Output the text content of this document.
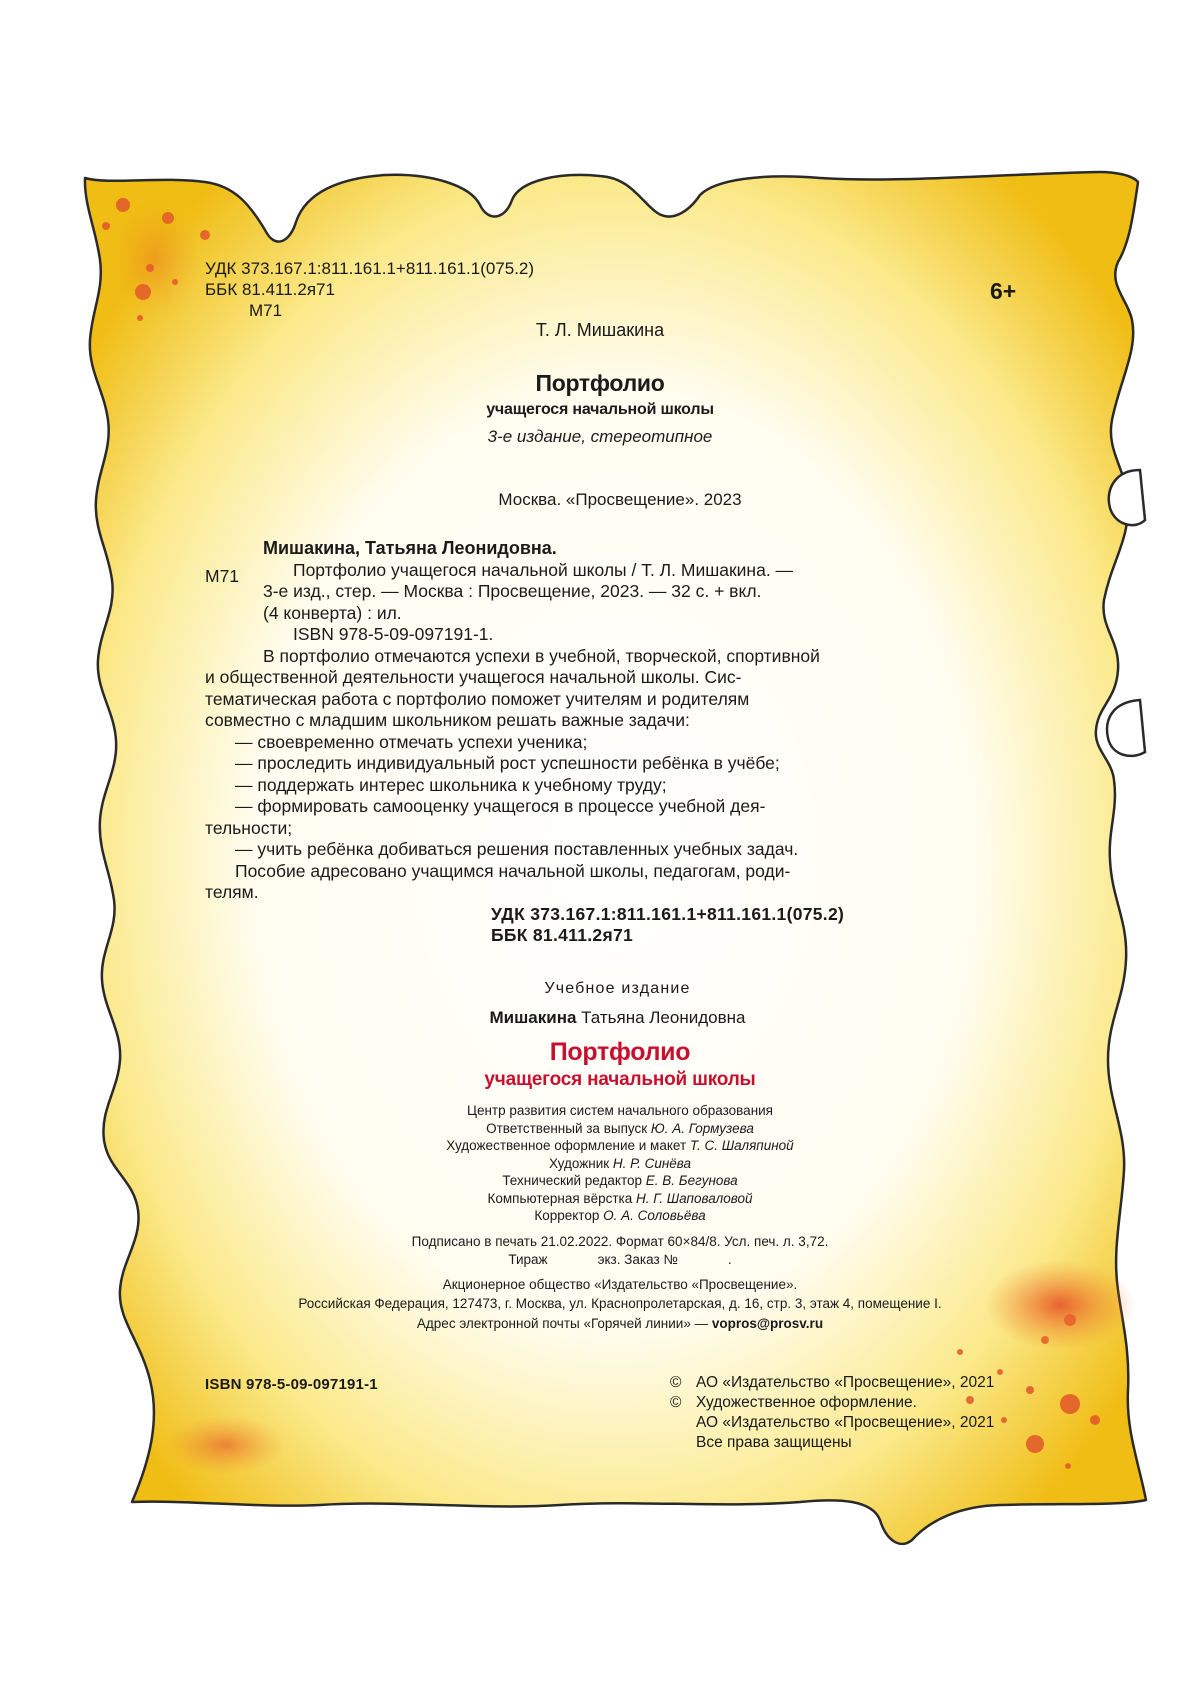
УДК 373.167.1:811.161.1+811.161.1(075.2)
ББК 81.411.2я71
М71
6+
Т. Л. Мишакина
Портфолио
учащегося начальной школы
3-е издание, стереотипное
Москва. «Просвещение». 2023
Мишакина, Татьяна Леонидовна.
М71	Портфолио учащегося начальной школы / Т. Л. Мишакина. —
3-е изд., стер. — Москва : Просвещение, 2023. — 32 с. + вкл.
(4 конверта) : ил.
ISBN 978-5-09-097191-1.
В портфолио отмечаются успехи в учебной, творческой, спортивной
и общественной деятельности учащегося начальной школы. Сис-
тематическая работа с портфолио поможет учителям и родителям
совместно с младшим школьником решать важные задачи:
— своевременно отмечать успехи ученика;
— проследить индивидуальный рост успешности ребёнка в учёбе;
— поддержать интерес школьника к учебному труду;
— формировать самооценку учащегося в процессе учебной дея-
тельности;
— учить ребёнка добиваться решения поставленных учебных задач.
Пособие адресовано учащимся начальной школы, педагогам, роди-
телям.
УДК 373.167.1:811.161.1+811.161.1(075.2)
ББК 81.411.2я71
Учебное издание
Мишакина Татьяна Леонидовна
Портфолио
учащегося начальной школы
Центр развития систем начального образования
Ответственный за выпуск Ю. А. Гормузева
Художественное оформление и макет Т. С. Шаляпиной
Художник Н. Р. Синёва
Технический редактор Е. В. Бегунова
Компьютерная вёрстка Н. Г. Шаповаловой
Корректор О. А. Соловьёва
Подписано в печать 21.02.2022. Формат 60×84/8. Усл. печ. л. 3,72.
Тираж	экз. Заказ №	.
Акционерное общество «Издательство «Просвещение».
Российская Федерация, 127473, г. Москва, ул. Краснопролетарская, д. 16, стр. 3, этаж 4, помещение I.
Адрес электронной почты «Горячей линии» — vopros@prosv.ru
ISBN 978-5-09-097191-1	© АО «Издательство «Просвещение», 2021
© Художественное оформление.
АО «Издательство «Просвещение», 2021
Все права защищены
